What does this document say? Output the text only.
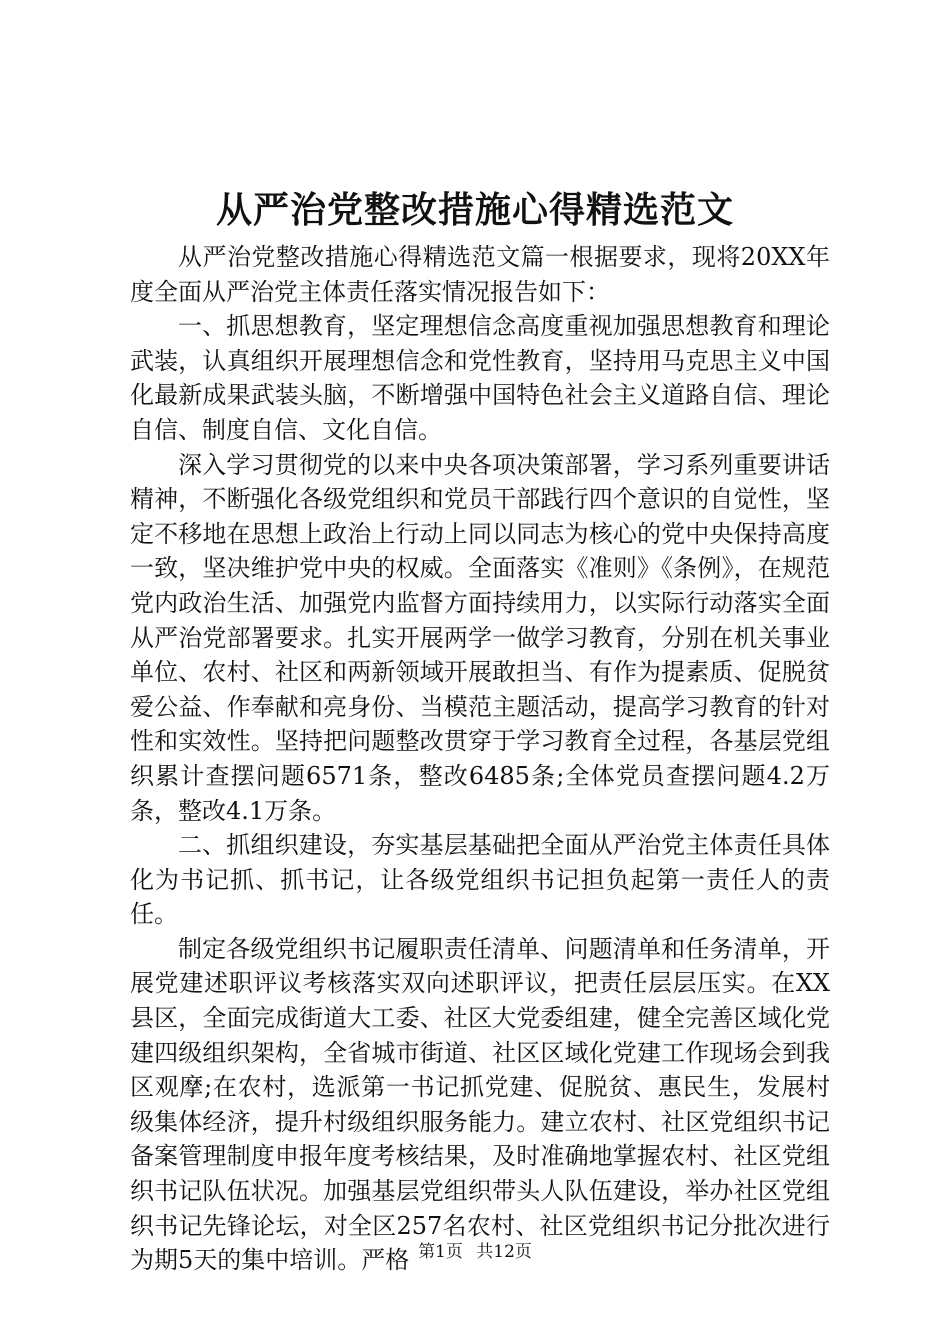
从严治党整改措施心得精选范文

从严治党整改措施心得精选范文篇一根据要求，现将20XX年度全面从严治党主体责任落实情况报告如下：

一、抓思想教育，坚定理想信念高度重视加强思想教育和理论武装，认真组织开展理想信念和党性教育，坚持用马克思主义中国化最新成果武装头脑，不断增强中国特色社会主义道路自信、理论自信、制度自信、文化自信。

深入学习贯彻党的以来中央各项决策部署，学习系列重要讲话精神，不断强化各级党组织和党员干部践行四个意识的自觉性，坚定不移地在思想上政治上行动上同以同志为核心的党中央保持高度一致，坚决维护党中央的权威。全面落实《准则》《条例》，在规范党内政治生活、加强党内监督方面持续用力，以实际行动落实全面从严治党部署要求。扎实开展两学一做学习教育，分别在机关事业单位、农村、社区和两新领域开展敢担当、有作为提素质、促脱贫爱公益、作奉献和亮身份、当模范主题活动，提高学习教育的针对性和实效性。坚持把问题整改贯穿于学习教育全过程，各基层党组织累计查摆问题6571条，整改6485条;全体党员查摆问题4.2万条，整改4.1万条。

二、抓组织建设，夯实基层基础把全面从严治党主体责任具体化为书记抓、抓书记，让各级党组织书记担负起第一责任人的责任。

制定各级党组织书记履职责任清单、问题清单和任务清单，开展党建述职评议考核落实双向述职评议，把责任层层压实。在XX县区，全面完成街道大工委、社区大党委组建，健全完善区域化党建四级组织架构，全省城市街道、社区区域化党建工作现场会到我区观摩;在农村，选派第一书记抓党建、促脱贫、惠民生，发展村级集体经济，提升村级组织服务能力。建立农村、社区党组织书记备案管理制度申报年度考核结果，及时准确地掌握农村、社区党组织书记队伍状况。加强基层党组织带头人队伍建设，举办社区党组织书记先锋论坛，对全区257名农村、社区党组织书记分批次进行为期5天的集中培训。严格 第1页 共12页
